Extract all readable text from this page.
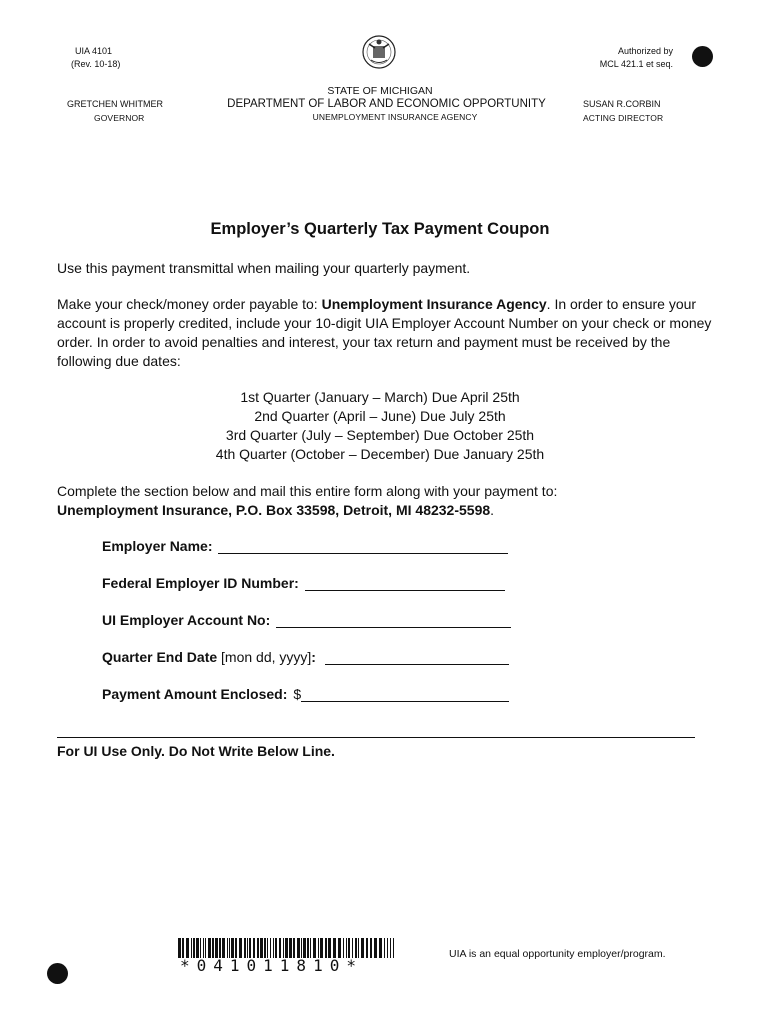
UIA 4101
(Rev. 10-18)
Authorized by
MCL 421.1 et seq.
STATE OF MICHIGAN
DEPARTMENT OF LABOR AND ECONOMIC OPPORTUNITY
UNEMPLOYMENT INSURANCE AGENCY
GRETCHEN WHITMER
GOVERNOR
SUSAN R.CORBIN
ACTING DIRECTOR
Employer’s Quarterly Tax Payment Coupon
Use this payment transmittal when mailing your quarterly payment.
Make your check/money order payable to: Unemployment Insurance Agency. In order to ensure your account is properly credited, include your 10-digit UIA Employer Account Number on your check or money order. In order to avoid penalties and interest, your tax return and payment must be received by the following due dates:
1st Quarter (January – March) Due April 25th
2nd Quarter (April – June) Due July 25th
3rd Quarter (July – September) Due October 25th
4th Quarter (October – December) Due January 25th
Complete the section below and mail this entire form along with your payment to:
Unemployment Insurance, P.O. Box 33598, Detroit, MI 48232-5598.
Employer Name:
Federal Employer ID Number:
UI Employer Account No:
Quarter End Date [mon dd, yyyy]:
Payment Amount Enclosed: $
For UI Use Only. Do Not Write Below Line.
*041011810*
UIA is an equal opportunity employer/program.
